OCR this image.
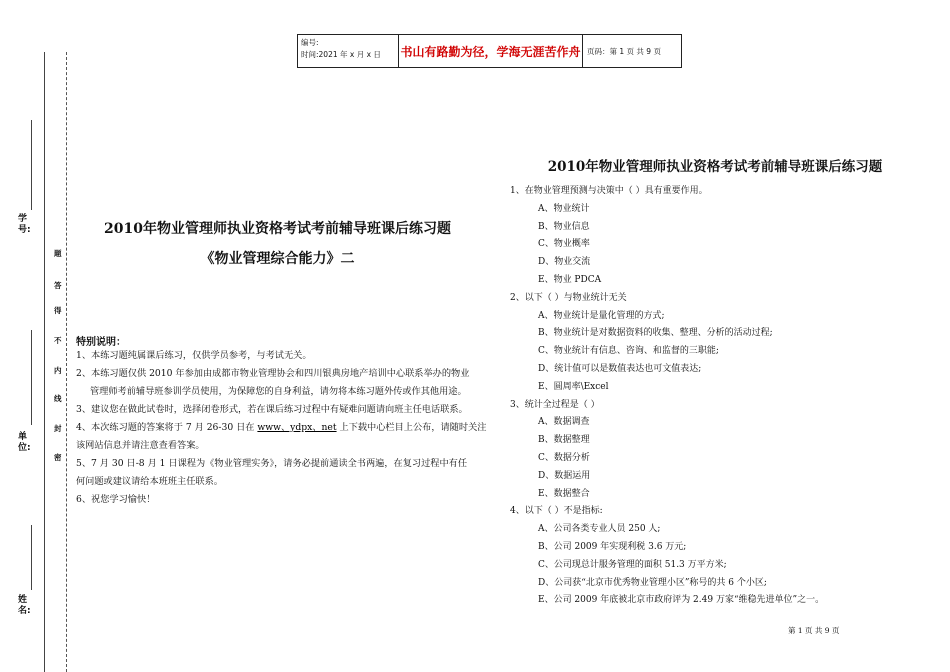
编号:
时间:2021 年 x 月 x 日	书山有路勤为径，学海无涯苦作舟 页码：第 1 页 共 9 页
学号:
单位:
姓名:
题
答
得
不
内
线
封
密
2010年物业管理师执业资格考试考前辅导班课后练习题
《物业管理综合能力》二
特别说明：
1、本练习题纯属课后练习，仅供学员参考，与考试无关。
2、本练习题仅供 2010 年参加由成都市物业管理协会和四川银典房地产培训中心联系举办的物业
管理师考前辅导班参训学员使用，为保障您的自身利益，请勿将本练习题外传或作其他用途。
3、建议您在做此试卷时，选择闭卷形式，若在课后练习过程中有疑难问题请向班主任电话联系。
4、本次练习题的答案将于 7 月 26-30 日在 www、ydpx、net 上下载中心栏目上公布，请随时关注
该网站信息并请注意查看答案。
5、7 月 30 日-8 月 1 日课程为《物业管理实务》，请务必提前通读全书两遍，在复习过程中有任
何问题或建议请给本班班主任联系。
6、祝您学习愉快！
2010年物业管理师执业资格考试考前辅导班课后练习题
1、在物业管理预测与决策中（ ）具有重要作用。
A、物业统计
B、物业信息
C、物业概率
D、物业交流
E、物业 PDCA
2、以下（ ）与物业统计无关
A、物业统计是量化管理的方式;
B、物业统计是对数据资料的收集、整理、分析的活动过程;
C、物业统计有信息、咨询、和监督的三职能;
D、统计值可以是数值表达也可文值表达;
E、圆周率\Excel
3、统计全过程是（ ）
A、数据调查
B、数据整理
C、数据分析
D、数据运用
E、数据整合
4、以下（ ）不是指标:
A、公司各类专业人员 250 人;
B、公司 2009 年实现利税 3.6 万元;
C、公司现总计服务管理的面积 51.3 万平方米;
D、公司获“北京市优秀物业管理小区”称号的共 6 个小区;
E、公司 2009 年底被北京市政府评为 2.49 万家“维稳先进单位”之一。
第 1 页 共 9 页
